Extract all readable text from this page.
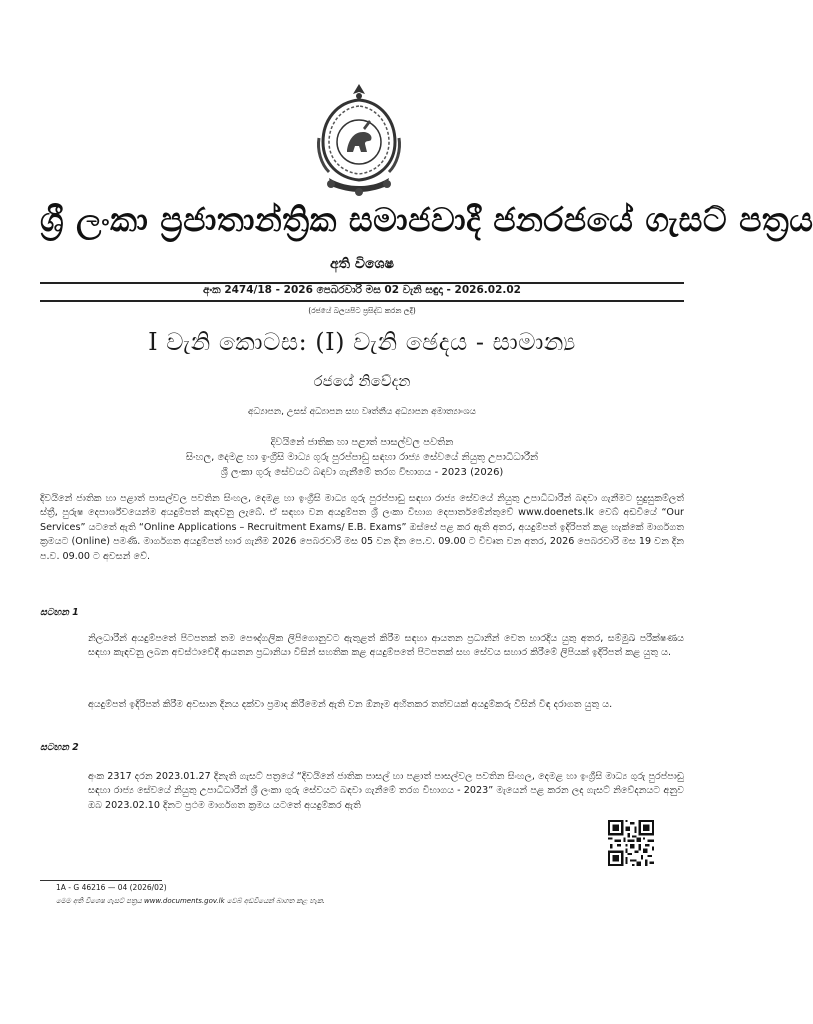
ශ්‍රී ලංකා ප්‍රජාතාන්ත්‍රික සමාජවාදී ජනරජයේ ගැසට් පත්‍රය
අති විශෙෂ
අංක 2474/18 - 2026 පෙබරවාරි මස 02 වැනි සඳුදා - 2026.02.02
(රජයේ බලයපිට ප්‍රසිද්ධ කරන ලදී)
I වැනි කොටස: (I) වැනි ඡෙදය - සාමාන්‍ය
රජයේ නිවේදන
අධ්‍යාපන, උසස් අධ්‍යාපන සහ වෘත්තීය අධ්‍යාපන අමාත්‍යාංශය
දිවයිනේ ජාතික හා පළාත් පාසල්වල පවතින
සිංහල, දෙමළ හා ඉංග්‍රීසි මාධ්‍ය ගුරු පුරප්පාඩු සඳහා රාජ්‍ය සේවයේ නියුතු උපාධිධාරීන්
ශ්‍රී ලංකා ගුරු සේවයට බඳවා ගැනීමේ තරග විභාගය - 2023 (2026)

දිවයිනේ ජාතික හා පළාත් පාසල්වල පවතින සිංහල, දෙමළ හා ඉංග්‍රීසි මාධ්‍ය ගුරු පුරප්පාඩු සඳහා රාජ්‍ය සේවයේ නියුතු උපාධිධාරීන් බඳවා ගැනීමට සුදුසුකම්ලත් ස්ත්‍රී, පුරුෂ දෙපාර්ශ්වයෙන්ම අයදුම්පත් කැඳවනු ලැබේ. ඒ සඳහා වන අයදුම්පත ශ්‍රී ලංකා විභාග දෙපාර්තමේන්තුවේ www.doenets.lk වෙබ් අඩවියේ “Our Services” යටතේ ඇති “Online Applications – Recruitment Exams/ E.B. Exams” ඔස්සේ පළ කර ඇති අතර, අයදුම්පත් ඉදිරිපත් කළ හැක්කේ මාර්ගගත ක්‍රමයට (Online) පමණි. මාර්ගගත අයදුම්පත් භාර ගැනීම 2026 පෙබරවාරි මස 05 වන දින පෙ.ව. 09.00 ට විවෘත වන අතර, 2026 පෙබරවාරි මස 19 වන දින ප.ව. 09.00 ට අවසන් වේ.

සටහන 1

නිලධාරීන් අයදුම්පතේ පිටපතක් තම පෞද්ගලික ලිපිගොනුවට ඇතුළත් කිරීම සඳහා ආයතන ප්‍රධානීන් වෙත භාරදිය යුතු අතර, සම්මුඛ පරීක්ෂණය සඳහා කැඳවනු ලබන අවස්ථාවේදී ආයතන ප්‍රධානියා විසින් සහතික කළ අයදුම්පතේ පිටපතක් සහ සේවය සහාර කිරීමේ ලිපියක් ඉදිරිපත් කළ යුතු ය.

අයදුම්පත් ඉදිරිපත් කිරීම අවසාන දිනය දක්වා ප්‍රමාද කිරීමෙන් ඇති වන ඕනෑම අහිතකර තත්වයක් අයදුම්කරු විසින් විඳ දරාගත යුතු ය.

සටහන 2

අංක 2317 දරන 2023.01.27 දිනැති ගැසට් පත්‍රයේ “දිවයිනේ ජාතික පාසල් හා පළාත් පාසල්වල පවතින සිංහල, දෙමළ හා ඉංග්‍රීසි මාධ්‍ය ගුරු පුරප්පාඩු සඳහා රාජ්‍ය සේවයේ නියුතු උපාධිධාරීන් ශ්‍රී ලංකා ගුරු සේවයට බඳවා ගැනීමේ තරග විභාගය - 2023” මැයෙන් පළ කරන ලද ගැසට් නිවේදනයට අනුව ඔබ 2023.02.10 දිනට ප්‍රථම මාර්ගගත ක්‍රමය යටතේ අයදුම්කර ඇති

1A - G 46216 — 04 (2026/02)
මෙම අති විශෙෂ ගැසට් පත්‍රය www.documents.gov.lk වෙබ් අඩවියෙන් බාගත කළ හැක.
